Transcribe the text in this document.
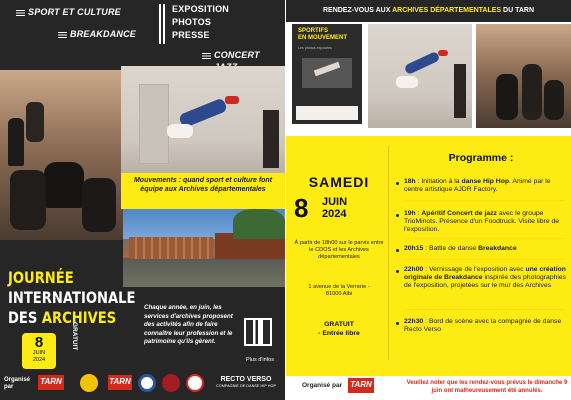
SPORT ET CULTURE
BREAKDANCE
EXPOSITION
PHOTOS
PRESSE
CONCERT
Mouvements : quand sport et culture font équipe aux Archives départementales
JOURNÉE
INTERNATIONALE
DES ARCHIVES
8
JUIN
2024
GRATUIT
Chaque année, en juin, les services d'archives proposent des activités afin de faire connaître leur profession et le patrimoine qu'ils gèrent.
Plus d'infos
Organisé par
TARN	TARN	RECTO VERSO
COMPAGNIE DE DANSE HIP HOP
RENDEZ-VOUS AUX ARCHIVES DÉPARTEMENTALES DU TARN
SPORTIFS
EN MOUVEMENT
Les photos exposées
SAMEDI
8 JUIN
2024
À partir de 18h00 sur le parvis entre le CDOS et les Archives départementales
1 avenue de la Verrerie -
81000 Albi
GRATUIT
- Entrée libre
Programme :
18h : Initiation à la danse Hip Hop. Animé par le centre artistique AJDR Factory.
19h : Apéritif Concert de jazz avec le groupe TrioMinots. Présence d'un Foodtruck. Visite libre de l'exposition.
20h15 : Battle de danse Breakdance
22h00 : Vernissage de l'exposition avec une création originale de Breakdance inspirée des photographies de l'exposition, projetées sur le mur des Archives
22h30 : Bord de scène avec la compagnie de danse Recto Verso
Organisé par TARN	Veuillez noter que les rendez-vous prévus le dimanche 9 juin ont malheureusement été annulés.
